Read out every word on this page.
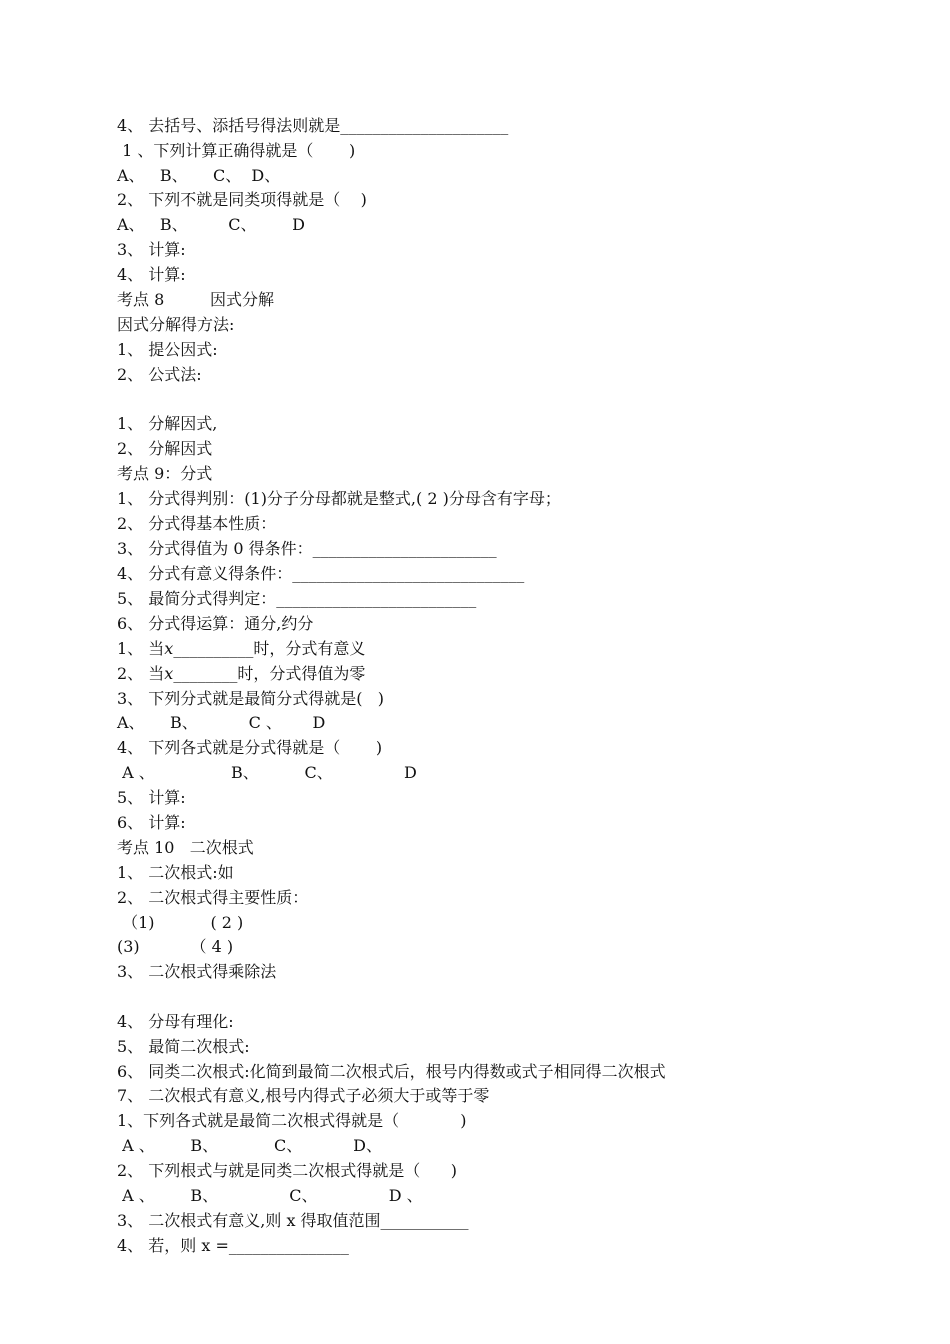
4、 去括号、添括号得法则就是_____________________
1 、下列计算正确得就是（       )
A、   B、     C、  D、
2、 下列不就是同类项得就是（    )
A、   B、        C、       D
3、 计算:
4、 计算:
考点 8         因式分解
因式分解得方法:
1、 提公因式:
2、 公式法:
1、 分解因式,
2、 分解因式
考点 9：分式
1、 分式得判别：(1)分子分母都就是整式,( 2 )分母含有字母；
2、 分式得基本性质：
3、 分式得值为 0 得条件：_______________________
4、 分式有意义得条件：_____________________________
5、 最简分式得判定：_________________________
6、 分式得运算：通分,约分
1、 当x__________时，分式有意义
2、 当x________时，分式得值为零
3、 下列分式就是最简分式得就是(   )
A、     B、          C 、      D
4、 下列各式就是分式得就是（       )
A 、               B、         C、              D
5、 计算:
6、 计算:
考点 10   二次根式
1、 二次根式:如
2、 二次根式得主要性质：
（1)           ( 2 )
(3)          （ 4 )
3、 二次根式得乘除法
4、 分母有理化:
5、 最简二次根式:
6、 同类二次根式:化简到最简二次根式后，根号内得数或式子相同得二次根式
7、 二次根式有意义,根号内得式子必须大于或等于零
1、下列各式就是最简二次根式得就是（            )
A 、       B、           C、          D、
2、 下列根式与就是同类二次根式得就是（      )
A 、       B、              C、              D 、
3、 二次根式有意义,则 x 得取值范围___________
4、 若，则 x =_______________
